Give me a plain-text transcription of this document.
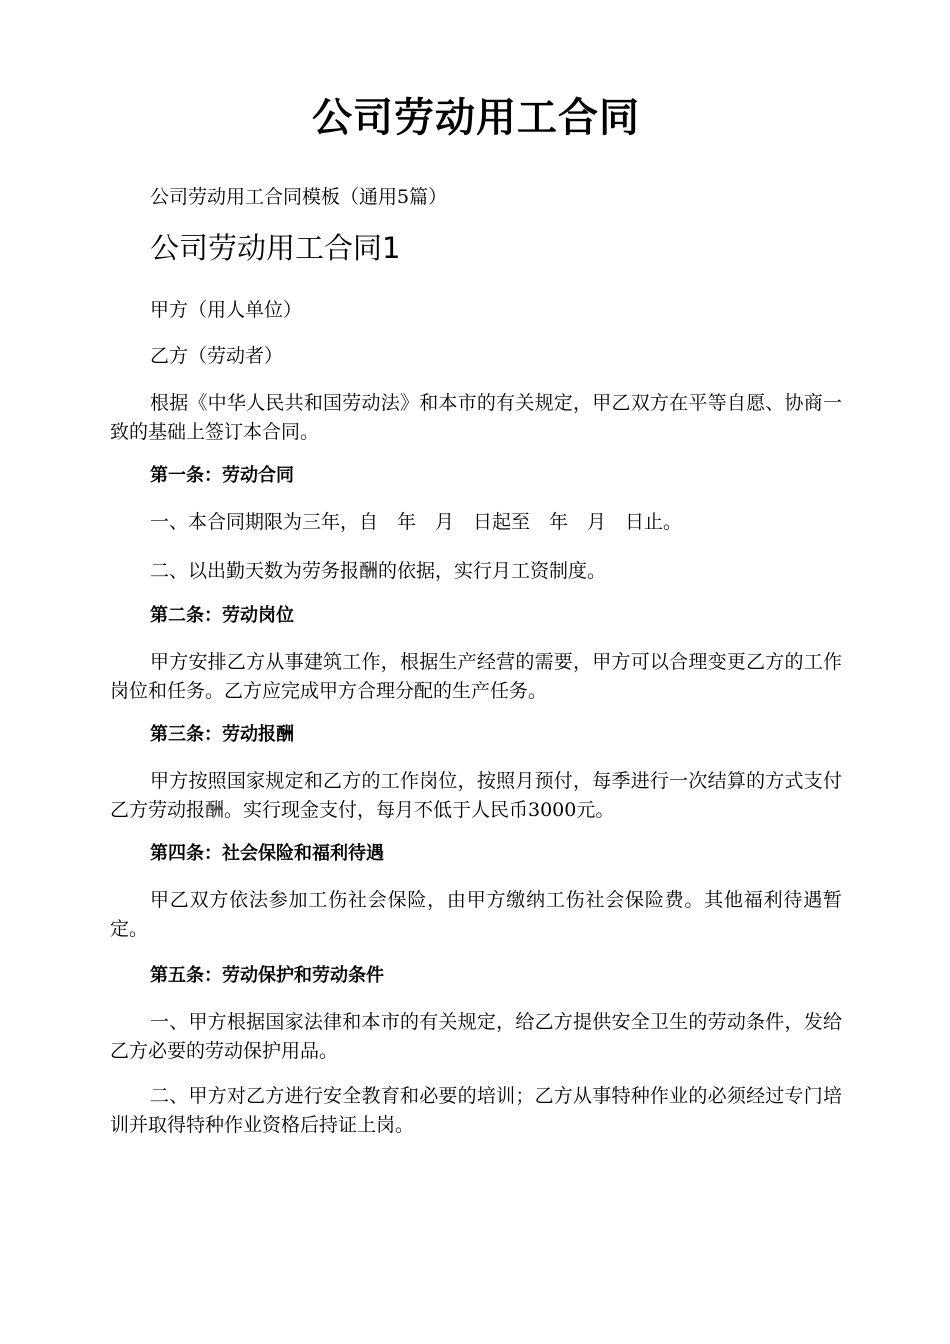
公司劳动用工合同

公司劳动用工合同模板（通用5篇）

公司劳动用工合同1

甲方（用人单位）

乙方（劳动者）

根据《中华人民共和国劳动法》和本市的有关规定，甲乙双方在平等自愿、协商一致的基础上签订本合同。

第一条：劳动合同

一、本合同期限为三年，自　年　月　日起至　年　月　日止。

二、以出勤天数为劳务报酬的依据，实行月工资制度。

第二条：劳动岗位

甲方安排乙方从事建筑工作，根据生产经营的需要，甲方可以合理变更乙方的工作岗位和任务。乙方应完成甲方合理分配的生产任务。

第三条：劳动报酬

甲方按照国家规定和乙方的工作岗位，按照月预付，每季进行一次结算的方式支付乙方劳动报酬。实行现金支付，每月不低于人民币3000元。

第四条：社会保险和福利待遇

甲乙双方依法参加工伤社会保险，由甲方缴纳工伤社会保险费。其他福利待遇暂定。

第五条：劳动保护和劳动条件

一、甲方根据国家法律和本市的有关规定，给乙方提供安全卫生的劳动条件，发给乙方必要的劳动保护用品。

二、甲方对乙方进行安全教育和必要的培训；乙方从事特种作业的必须经过专门培训并取得特种作业资格后持证上岗。
